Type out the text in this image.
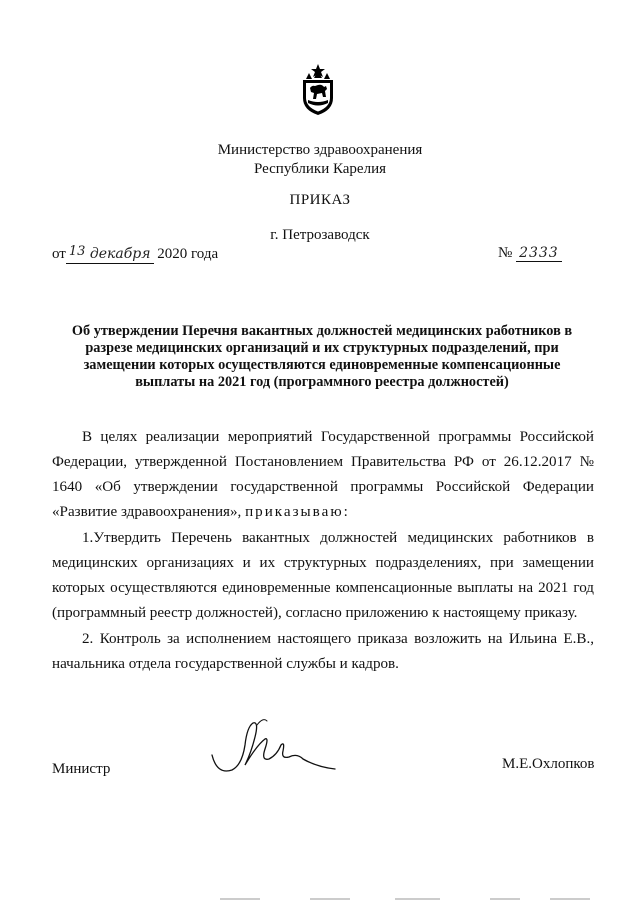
Министерство здравоохранения
Республики Карелия
ПРИКАЗ
г. Петрозаводск
от 13 декабря 2020 года	№ 2333
Об утверждении Перечня вакантных должностей медицинских работников в разрезе медицинских организаций и их структурных подразделений, при замещении которых осуществляются единовременные компенсационные выплаты на 2021 год (программного реестра должностей)
В целях реализации мероприятий Государственной программы Российской Федерации, утвержденной Постановлением Правительства РФ от 26.12.2017 № 1640 «Об утверждении государственной программы Российской Федерации «Развитие здравоохранения», приказываю:
1.Утвердить Перечень вакантных должностей медицинских работников в медицинских организациях и их структурных подразделениях, при замещении которых осуществляются единовременные компенсационные выплаты на 2021 год (программный реестр должностей), согласно приложению к настоящему приказу.
2. Контроль за исполнением настоящего приказа возложить на Ильина Е.В., начальника отдела государственной службы и кадров.
Министр	М.Е.Охлопков
